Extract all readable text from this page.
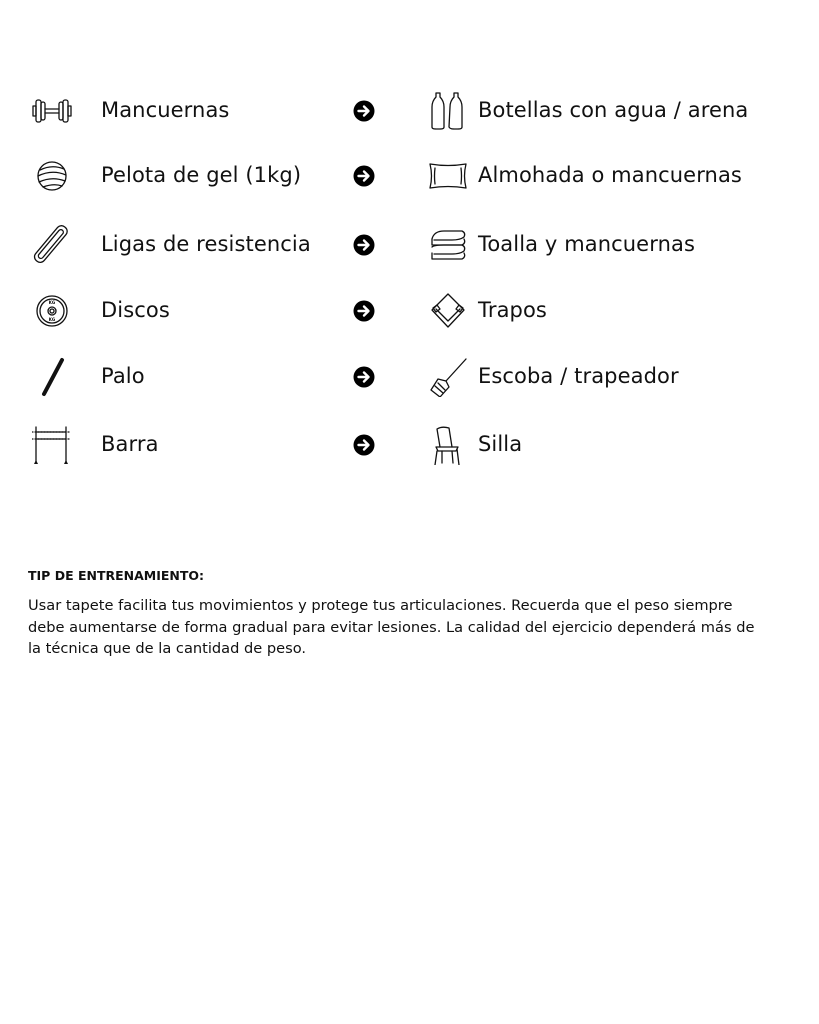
Mancuernas	Botellas con agua / arena
Pelota de gel (1kg)	Almohada o mancuernas
Ligas de resistencia	Toalla y mancuernas
KG
KG Discos	Trapos
Palo	Escoba / trapeador
Barra	Silla
TIP DE ENTRENAMIENTO:
Usar tapete facilita tus movimientos y protege tus articulaciones. Recuerda que el peso siempre debe aumentarse de forma gradual para evitar lesiones. La calidad del ejercicio dependerá más de la técnica que de la cantidad de peso.
